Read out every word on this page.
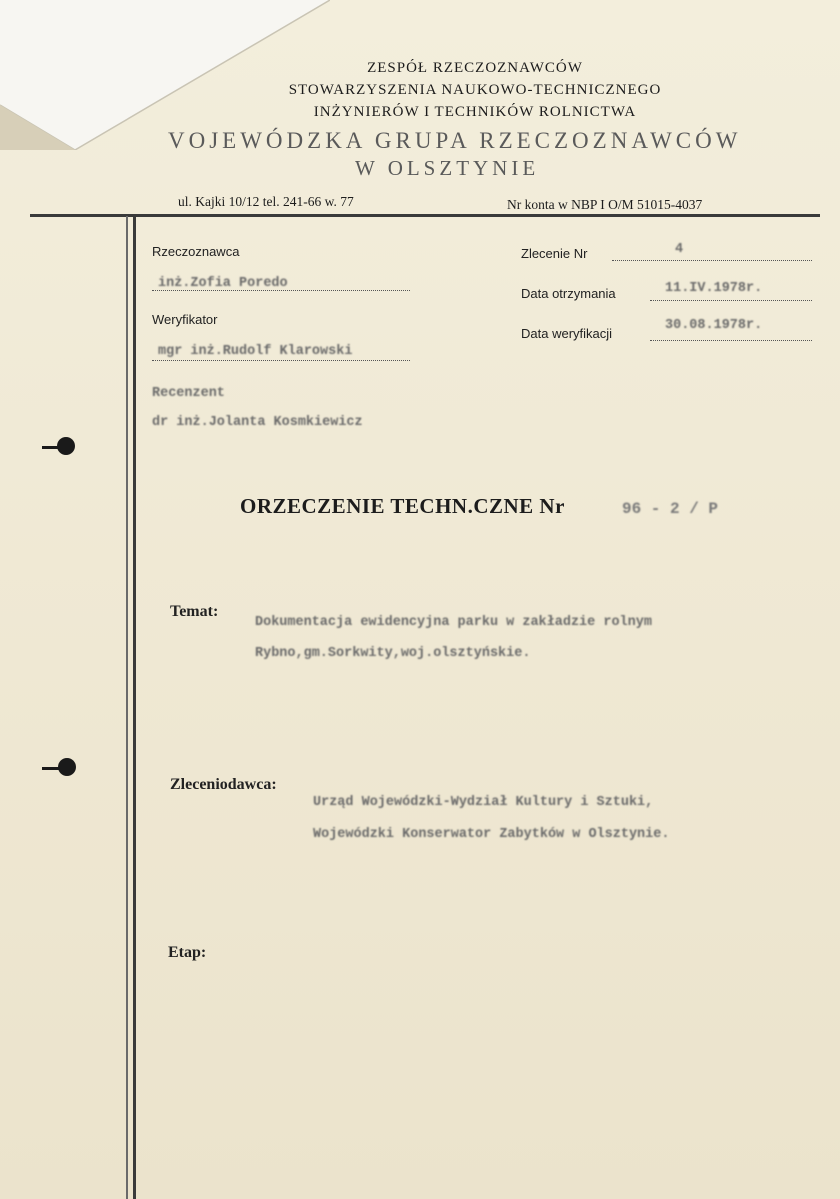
ZESPÓŁ RZECZOZNAWCÓW
STOWARZYSZENIA NAUKOWO-TECHNICZNEGO
INŻYNIERÓW I TECHNIKÓW ROLNICTWA
VOJEWÓDZKA GRUPA RZECZOZNAWCÓW
W OLSZTYNIE
ul. Kajki 10/12 tel. 241-66 w. 77	Nr konta w NBP I O/M 51015-4037
Rzeczoznawca
inż.Zofia Poredo
Weryfikator
mgr inż.Rudolf Klarowski
Recenzent
dr inż.Jolanta Kosmkiewicz
Zlecenie Nr	4
Data otrzymania	11.IV.1978r.
Data weryfikacji
30.08.1978r.
ORZECZENIE TECHN.CZNE Nr	96 - 2 / P
Temat:
Dokumentacja ewidencyjna parku w zakładzie rolnym
Rybno,gm.Sorkwity,woj.olsztyńskie.
Zleceniodawca:
Urząd Wojewódzki-Wydział Kultury i Sztuki,
Wojewódzki Konserwator Zabytków w Olsztynie.
Etap:
